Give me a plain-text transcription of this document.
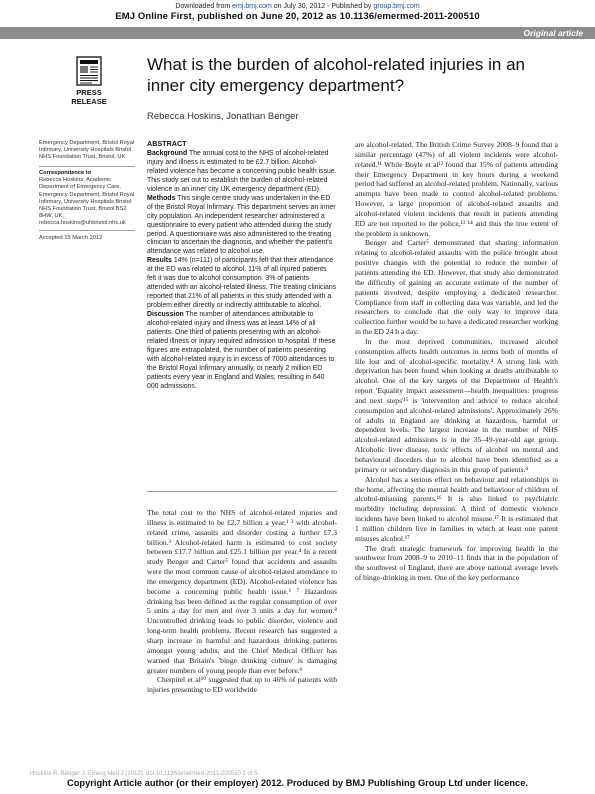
Downloaded from emj.bmj.com on July 30, 2012 - Published by group.bmj.com
EMJ Online First, published on June 20, 2012 as 10.1136/emermed-2011-200510
Original article
PRESS
RELEASE
What is the burden of alcohol-related injuries in an inner city emergency department?
Rebecca Hoskins, Jonathan Benger
Emergency Department, Bristol Royal Infirmary, University Hospitals Bristol NHS Foundation Trust, Bristol, UK
Correspondence to
Rebecca Hoskins, Academic Department of Emergency Care, Emergency Department, Bristol Royal Infirmary, University Hospitals Bristol NHS Foundation Trust, Bristol BS2 8HW, UK; rebecca.hoskins@uhbristol.nhs.uk
Accepted 15 March 2012
ABSTRACT

Background The annual cost to the NHS of alcohol-related injury and illness is estimated to be £2.7 billion. Alcohol-related violence has become a concerning public health issue. This study set out to establish the burden of alcohol-related violence in an inner city UK emergency department (ED).

Methods This single centre study was undertaken in the ED of the Bristol Royal Infirmary. This department serves an inner city population. An independent researcher administered a questionnaire to every patient who attended during the study period. A questionnaire was also administered to the treating clinician to ascertain the diagnosis, and whether the patient's attendance was related to alcohol use.

Results 14% (n=111) of participants felt that their attendance at the ED was related to alcohol. 11% of all injured patients felt it was due to alcohol consumption. 3% of patients attended with an alcohol-related illness. The treating clinicians reported that 21% of all patients in this study attended with a problem either directly or indirectly attributable to alcohol.

Discussion The number of attendances attributable to alcohol-related injury and illness was at least 14% of all patients. One third of patients presenting with an alcohol-related illness or injury required admission to hospital. If these figures are extrapolated, the number of patients presenting with alcohol-related injury is in excess of 7000 attendances to the Bristol Royal Infirmary annually, or nearly 2 million ED patients every year in England and Wales, resulting in 640 000 admissions.

The total cost to the NHS of alcohol-related injuries and illness is estimated to be £2.7 billion a year,¹ ² with alcohol-related crime, assaults and disorder costing a further £7.3 billion.³ Alcohol-related harm is estimated to cost society between £17.7 billion and £25.1 billion per year.⁴ In a recent study Benger and Carter⁵ found that accidents and assaults were the most common cause of alcohol-related attendance to the emergency department (ED). Alcohol-related violence has become a concerning public health issue.⁶ ⁷ Hazardous drinking has been defined as the regular consumption of over 5 units a day for men and over 3 units a day for women.⁸ Uncontrolled drinking leads to public disorder, violence and long-term health problems. Recent research has suggested a sharp increase in harmful and hazardous drinking patterns amongst young adults, and the Chief Medical Officer has warned that Britain's 'binge drinking culture' is damaging greater numbers of young people than ever before.⁹

Cherpitel et al¹⁰ suggested that up to 46% of patients with injuries presenting to ED worldwide

are alcohol-related. The British Crime Survey 2008–9 found that a similar percentage (47%) of all violent incidents were alcohol-related.¹¹ While Boyle et al¹² found that 15% of patients attending their Emergency Department in key hours during a weekend period had suffered an alcohol-related problem. Nationally, various attempts have been made to control alcohol-related problems. However, a large proportion of alcohol-related assaults and alcohol-related violent incidents that result in patients attending ED are not reported to the police,¹³ ¹⁴ and thus the true extent of the problem is unknown.

Benger and Carter⁵ demonstrated that sharing information relating to alcohol-related assaults with the police brought about positive changes with the potential to reduce the number of patients attending the ED. However, that study also demonstrated the difficulty of gaining an accurate estimate of the number of patients involved, despite employing a dedicated researcher. Compliance from staff in collecting data was variable, and led the researchers to conclude that the only way to improve data collection further would be to have a dedicated researcher working in the ED 24 h a day.

In the most deprived communities, increased alcohol consumption affects health outcomes in terms both of months of life lost and of alcohol-specific mortality.⁴ A strong link with deprivation has been found when looking at deaths attributable to alcohol. One of the key targets of the Department of Health's report 'Equality impact assessment—health inequalities: progress and next steps'¹⁵ is 'intervention and advice to reduce alcohol consumption and alcohol-related admissions'. Approximately 26% of adults in England are drinking at hazardous, harmful or dependent levels. The largest increase in the number of NHS alcohol-related admissions is in the 35–49-year-old age group. Alcoholic liver disease, toxic effects of alcohol on mental and behavioural disorders due to alcohol have been identified as a primary or secondary diagnosis in this group of patients.⁴

Alcohol has a serious effect on behaviour and relationships in the home, affecting the mental health and behaviour of children of alcohol-misusing parents.¹⁶ It is also linked to psychiatric morbidity including depression. A third of domestic violence incidents have been linked to alcohol misuse.¹⁷ It is estimated that 1 million children live in families in which at least one parent misuses alcohol.¹⁷

The draft strategic framework for improving health in the southwest from 2008–9 to 2010–11 finds that in the population of the southwest of England, there are above national average levels of binge-drinking in men. One of the key performance

Hoskins R, Benger J. Emerg Med J (2012). doi:10.1136/emermed-2011-200510 1 of 5
Copyright Article author (or their employer) 2012. Produced by BMJ Publishing Group Ltd under licence.
